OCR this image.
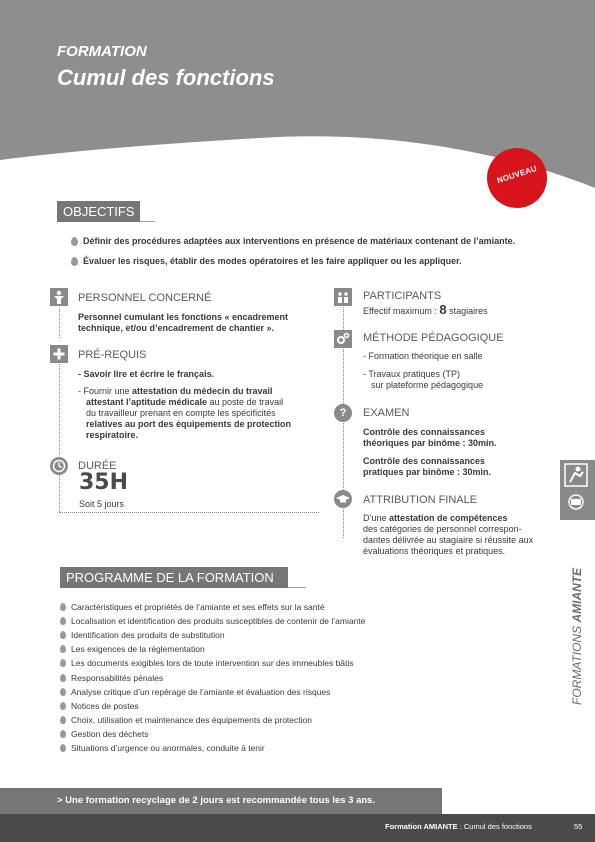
FORMATION
Cumul des fonctions
NOUVEAU
OBJECTIFS
Définir des procédures adaptées aux interventions en présence de matériaux contenant de l’amiante.
Évaluer les risques, établir des modes opératoires et les faire appliquer ou les appliquer.
PERSONNEL CONCERNÉ
Personnel cumulant les fonctions « encadrement
technique, et/ou d’encadrement de chantier ».
PRÉ-REQUIS
- Savoir lire et écrire le français.
- Fournir une attestation du médecin du travail
attestant l’aptitude médicale au poste de travail
du travailleur prenant en compte les spécificités
relatives au port des équipements de protection
respiratoire.
DURÉE
35H
Soit 5 jours
PARTICIPANTS
Effectif maximum : 8 stagiaires
MÉTHODE PÉDAGOGIQUE
- Formation théorique en salle
- Travaux pratiques (TP)
sur plateforme pédagogique
?	EXAMEN
Contrôle des connaissances
théoriques par binôme : 30min.
Contrôle des connaissances
pratiques par binôme : 30min.
ATTRIBUTION FINALE
D’une attestation de compétences
des catégories de personnel correspon-
dantes délivrée au stagiaire si réussite aux
évaluations théoriques et pratiques.
PROGRAMME DE LA FORMATION
Caractéristiques et propriétés de l’amiante et ses effets sur la santé
Localisation et identification des produits susceptibles de contenir de l’amiante
Identification des produits de substitution
Les exigences de la réglementation
Les documents exigibles lors de toute intervention sur des immeubles bâtis
Responsabilités pénales
Analyse critique d’un repérage de l’amiante et évaluation des risques
Notices de postes
Choix, utilisation et maintenance des équipements de protection
Gestion des déchets
Situations d’urgence ou anormales, conduite à tenir
FORMATIONS AMIANTE
> Une formation recyclage de 2 jours est recommandée tous les 3 ans.
Formation AMIANTE : Cumul des fonctions	55
